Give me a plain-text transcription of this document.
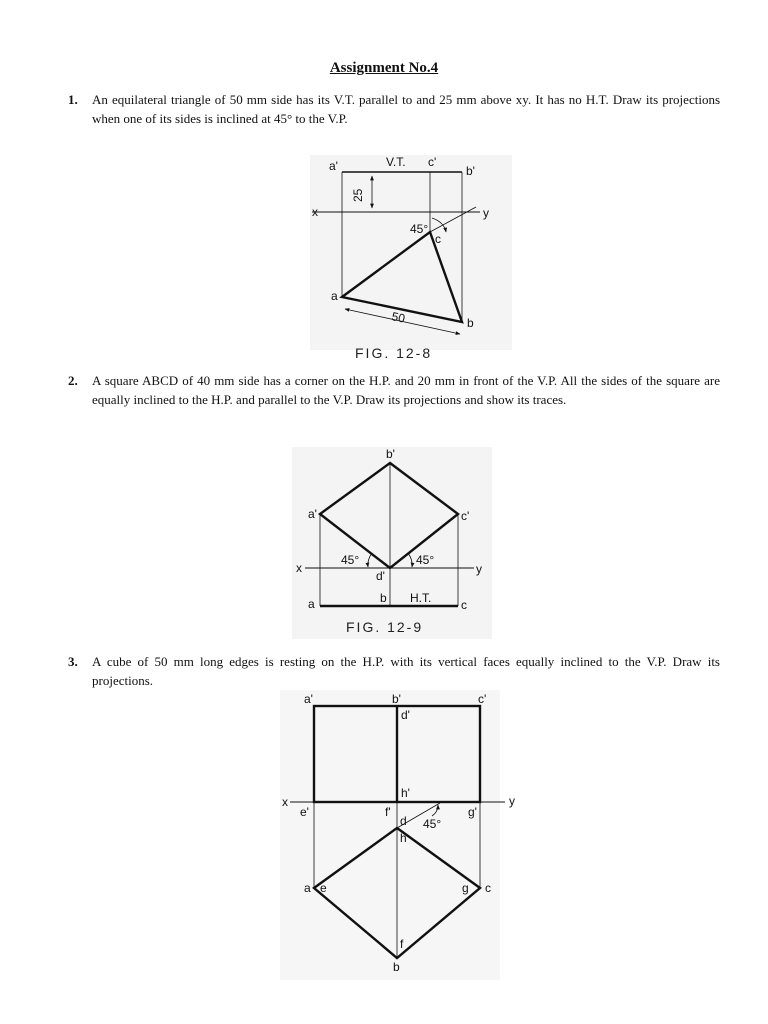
Assignment No.4
1. An equilateral triangle of 50 mm side has its V.T. parallel to and 25 mm above xy. It has no H.T. Draw its projections when one of its sides is inclined at 45° to the V.P.
2. A square ABCD of 40 mm side has a corner on the H.P. and 20 mm in front of the V.P. All the sides of the square are equally inclined to the H.P. and parallel to the V.P. Draw its projections and show its traces.
3. A cube of 50 mm long edges is resting on the H.P. with its vertical faces equally inclined to the V.P. Draw its projections.
a'	V.T. c'
b'
25
x	y
45°
c
a
b
50
FIG. 12-8
b'
a'	c'
45°	45°
d'
x	y
a	b H.T. c
FIG. 12-9
a'	b'	c'
d'
h'
x	y
e'	f'	g'
d
h
45°
a e	g c
f
b
